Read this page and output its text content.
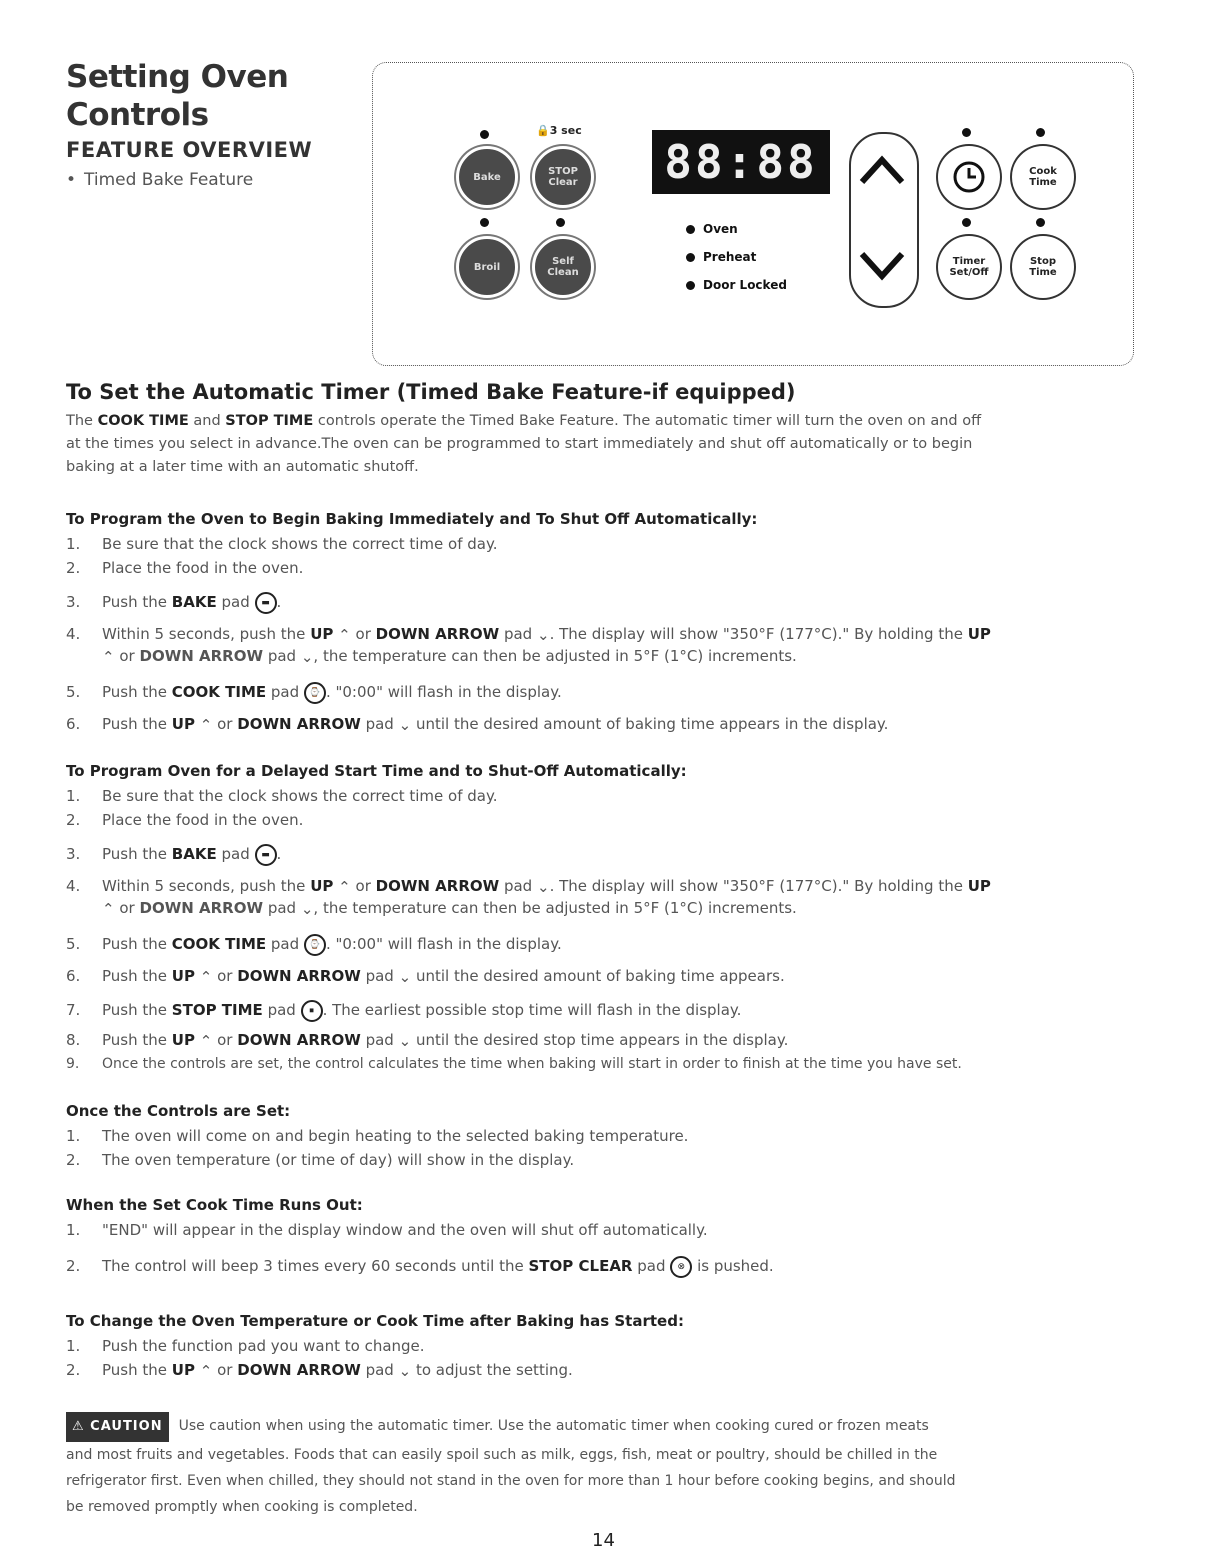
Setting Oven
Controls
FEATURE OVERVIEW
• Timed Bake Feature
🔒3 sec
Bake	STOP Clear
Broil	Self Clean
88:88
Oven
Preheat
Door Locked
Cook Time
Timer Set/Off
Stop Time
To Set the Automatic Timer (Timed Bake Feature-if equipped)
The COOK TIME and STOP TIME controls operate the Timed Bake Feature. The automatic timer will turn the oven on and off
at the times you select in advance.The oven can be programmed to start immediately and shut off automatically or to begin
baking at a later time with an automatic shutoff.
To Program the Oven to Begin Baking Immediately and To Shut Off Automatically:
1. Be sure that the clock shows the correct time of day.
2. Place the food in the oven.
3. Push the BAKE pad ▬ .
4. Within 5 seconds, push the UP ⌃ or DOWN ARROW pad ⌄. The display will show "350°F (177°C)." By holding the UP
⌃ or DOWN ARROW pad ⌄, the temperature can then be adjusted in 5°F (1°C) increments.
5. Push the COOK TIME pad ⌚ . "0:00" will flash in the display.
6. Push the UP ⌃ or DOWN ARROW pad ⌄ until the desired amount of baking time appears in the display.
To Program Oven for a Delayed Start Time and to Shut-Off Automatically:
1. Be sure that the clock shows the correct time of day.
2. Place the food in the oven.
3. Push the BAKE pad ▬ .
4. Within 5 seconds, push the UP ⌃ or DOWN ARROW pad ⌄. The display will show "350°F (177°C)." By holding the UP
⌃ or DOWN ARROW pad ⌄, the temperature can then be adjusted in 5°F (1°C) increments.
5. Push the COOK TIME pad ⌚ . "0:00" will flash in the display.
6. Push the UP ⌃ or DOWN ARROW pad ⌄ until the desired amount of baking time appears.
7. Push the STOP TIME pad ⏹ . The earliest possible stop time will flash in the display.
8. Push the UP ⌃ or DOWN ARROW pad ⌄ until the desired stop time appears in the display.
9. Once the controls are set, the control calculates the time when baking will start in order to finish at the time you have set.
Once the Controls are Set:
1. The oven will come on and begin heating to the selected baking temperature.
2. The oven temperature (or time of day) will show in the display.
When the Set Cook Time Runs Out:
1. "END" will appear in the display window and the oven will shut off automatically.
2. The control will beep 3 times every 60 seconds until the STOP CLEAR pad ⊗ is pushed.
To Change the Oven Temperature or Cook Time after Baking has Started:
1. Push the function pad you want to change.
2. Push the UP ⌃ or DOWN ARROW pad ⌄ to adjust the setting.
⚠ CAUTION Use caution when using the automatic timer. Use the automatic timer when cooking cured or frozen meats
and most fruits and vegetables. Foods that can easily spoil such as milk, eggs, fish, meat or poultry, should be chilled in the
refrigerator first. Even when chilled, they should not stand in the oven for more than 1 hour before cooking begins, and should
be removed promptly when cooking is completed.
14
